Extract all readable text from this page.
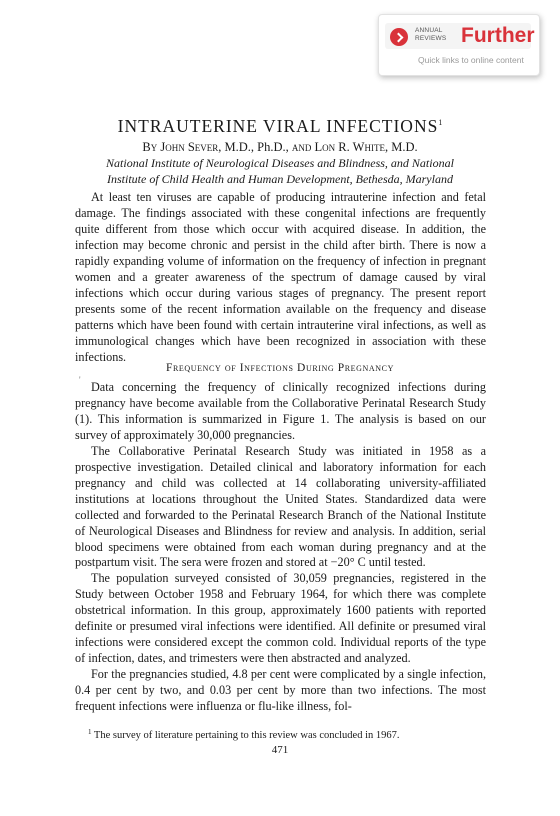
ANNUAL
REVIEWS Further
Quick links to online content
INTRAUTERINE VIRAL INFECTIONS$^1$
By John Sever, M.D., Ph.D., and Lon R. White, M.D.
National Institute of Neurological Diseases and Blindness, and National
Institute of Child Health and Human Development, Bethesda, Maryland

At least ten viruses are capable of producing intrauterine infection and fetal damage. The findings associated with these congenital infections are frequently quite different from those which occur with acquired disease. In addition, the infection may become chronic and persist in the child after birth. There is now a rapidly expanding volume of information on the frequency of infection in pregnant women and a greater awareness of the spectrum of damage caused by viral infections which occur during various stages of pregnancy. The present report presents some of the recent information available on the frequency and disease patterns which have been found with certain intrauterine viral infections, as well as immunological changes which have been recognized in association with these infections.

Frequency of Infections During Pregnancy
' Data concerning the frequency of clinically recognized infections during pregnancy have become available from the Collaborative Perinatal Research Study (1). This information is summarized in Figure 1. The analysis is based on our survey of approximately 30,000 pregnancies.

The Collaborative Perinatal Research Study was initiated in 1958 as a prospective investigation. Detailed clinical and laboratory information for each pregnancy and child was collected at 14 collaborating university-affiliated institutions at locations throughout the United States. Standardized data were collected and forwarded to the Perinatal Research Branch of the National Institute of Neurological Diseases and Blindness for review and analysis. In addition, serial blood specimens were obtained from each woman during pregnancy and at the postpartum visit. The sera were frozen and stored at −20° C until tested.

The population surveyed consisted of 30,059 pregnancies, registered in the Study between October 1958 and February 1964, for which there was complete obstetrical information. In this group, approximately 1600 patients with reported definite or presumed viral infections were identified. All definite or presumed viral infections were considered except the common cold. Individual reports of the type of infection, dates, and trimesters were then abstracted and analyzed.

For the pregnancies studied, 4.8 per cent were complicated by a single infection, 0.4 per cent by two, and 0.03 per cent by more than two infections. The most frequent infections were influenza or flu-like illness, fol-

$^1$ The survey of literature pertaining to this review was concluded in 1967.
471
